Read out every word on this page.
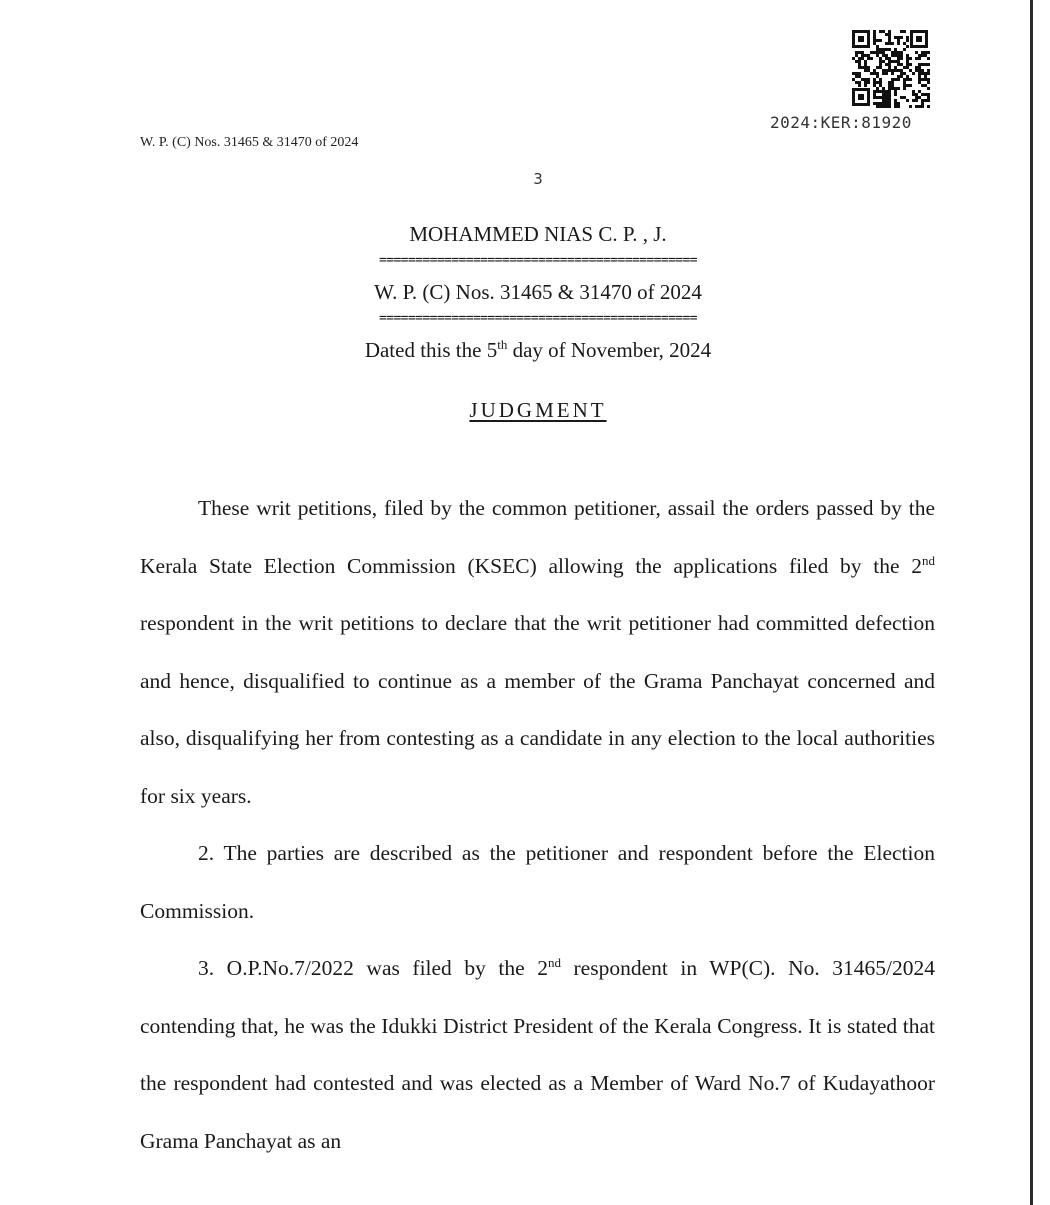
2024:KER:81920
W. P. (C) Nos. 31465 & 31470 of 2024
3
MOHAMMED NIAS C. P. , J.
============================================
W. P. (C) Nos. 31465 & 31470 of 2024
============================================
Dated this the 5th day of November, 2024
JUDGMENT

These writ petitions, filed by the common petitioner, assail the orders passed by the Kerala State Election Commission (KSEC) allowing the applications filed by the 2nd respondent in the writ petitions to declare that the writ petitioner had committed defection and hence, disqualified to continue as a member of the Grama Panchayat concerned and also, disqualifying her from contesting as a candidate in any election to the local authorities for six years.

2. The parties are described as the petitioner and respondent before the Election Commission.

3. O.P.No.7/2022 was filed by the 2nd respondent in WP(C). No. 31465/2024 contending that, he was the Idukki District President of the Kerala Congress. It is stated that the respondent had contested and was elected as a Member of Ward No.7 of Kudayathoor Grama Panchayat as an
